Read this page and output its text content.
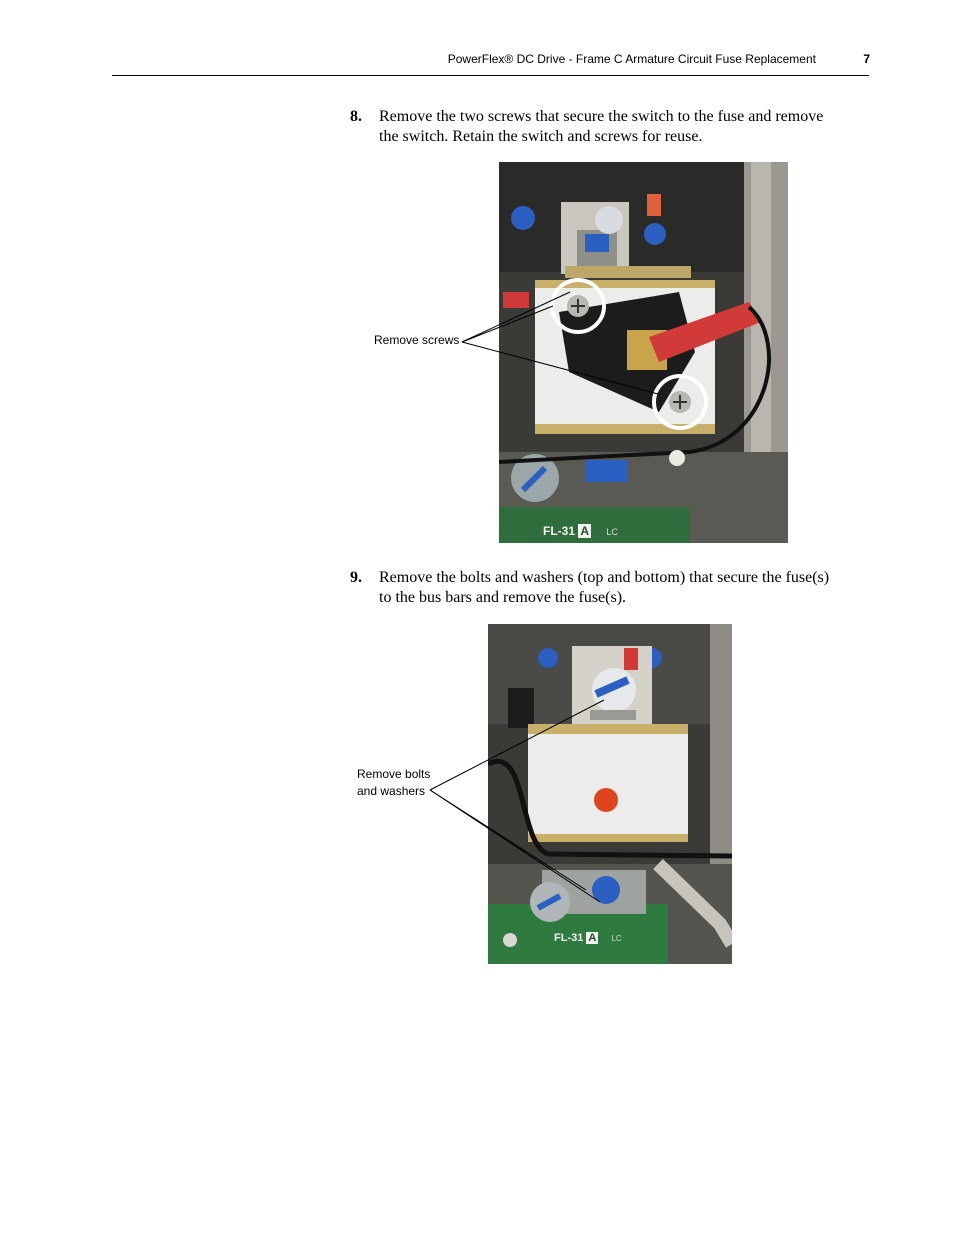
PowerFlex® DC Drive - Frame C Armature Circuit Fuse Replacement	7
8. Remove the two screws that secure the switch to the fuse and remove
the switch. Retain the switch and screws for reuse.
FL-31 A LC
Remove screws
9. Remove the bolts and washers (top and bottom) that secure the fuse(s)
to the bus bars and remove the fuse(s).
FL-31 A LC
Remove bolts
and washers
